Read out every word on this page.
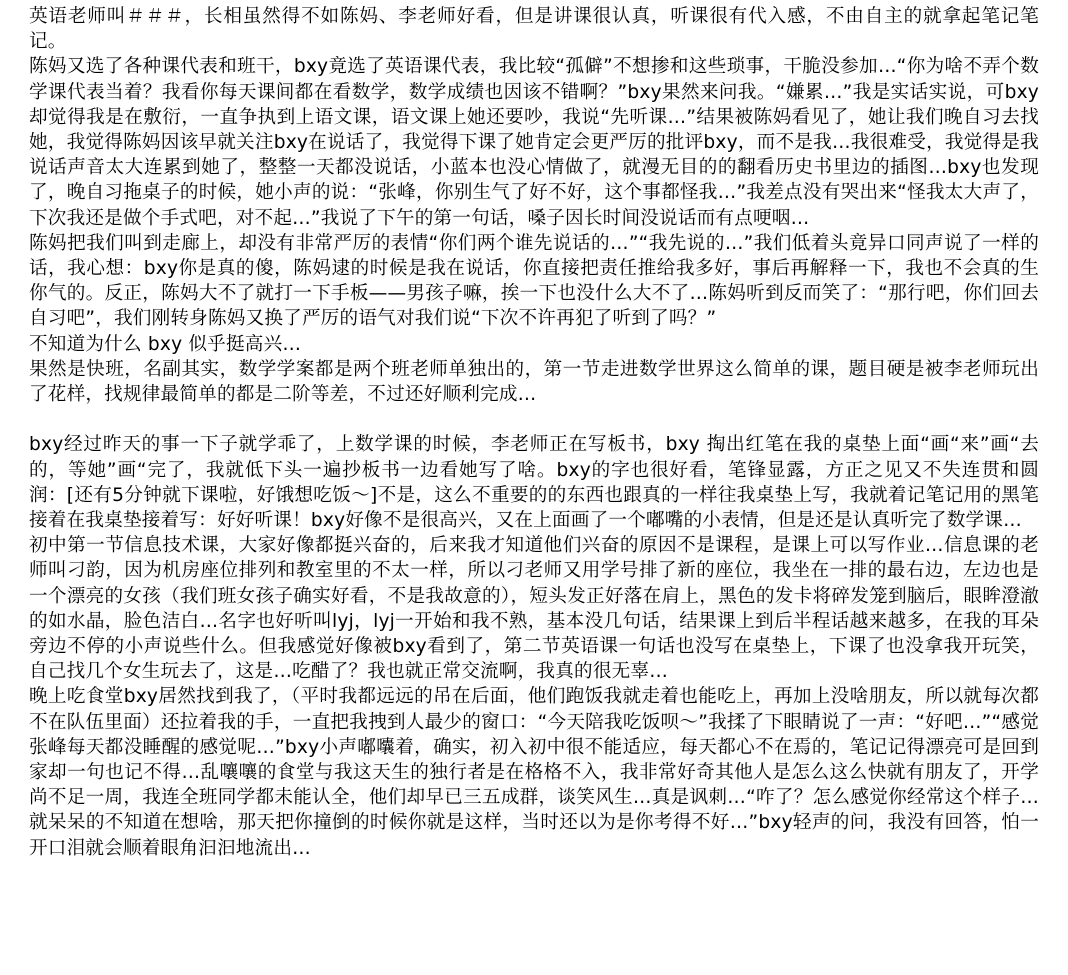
英语老师叫＃＃＃，长相虽然得不如陈妈、李老师好看，但是讲课很认真，听课很有代入感，不由自主的就拿起笔记笔记。

陈妈又选了各种课代表和班干，bxy竟选了英语课代表，我比较“孤僻”不想掺和这些琐事，干脆没参加…“你为啥不弄个数学课代表当着？我看你每天课间都在看数学，数学成绩也因该不错啊？”bxy果然来问我。“嫌累…”我是实话实说，可bxy却觉得我是在敷衍，一直争执到上语文课，语文课上她还要吵，我说“先听课…”结果被陈妈看见了，她让我们晚自习去找她，我觉得陈妈因该早就关注bxy在说话了，我觉得下课了她肯定会更严厉的批评bxy，而不是我…我很难受，我觉得是我说话声音太大连累到她了，整整一天都没说话，小蓝本也没心情做了，就漫无目的的翻看历史书里边的插图…bxy也发现了，晚自习拖桌子的时候，她小声的说：“张峰，你别生气了好不好，这个事都怪我…”我差点没有哭出来“怪我太大声了，下次我还是做个手式吧，对不起…”我说了下午的第一句话，嗓子因长时间没说话而有点哽咽…

陈妈把我们叫到走廊上，却没有非常严厉的表情“你们两个谁先说话的…”“我先说的…”我们低着头竟异口同声说了一样的话，我心想：bxy你是真的傻，陈妈逮的时候是我在说话，你直接把责任推给我多好，事后再解释一下，我也不会真的生你气的。反正，陈妈大不了就打一下手板——男孩子嘛，挨一下也没什么大不了…陈妈听到反而笑了：“那行吧，你们回去自习吧”，我们刚转身陈妈又换了严厉的语气对我们说“下次不许再犯了听到了吗？”

不知道为什么 bxy 似乎挺高兴…

果然是快班，名副其实，数学学案都是两个班老师单独出的，第一节走进数学世界这么简单的课，题目硬是被李老师玩出了花样，找规律最简单的都是二阶等差，不过还好顺利完成…

bxy经过昨天的事一下子就学乖了，上数学课的时候，李老师正在写板书，bxy 掏出红笔在我的桌垫上面“画“来”画“去的，等她”画“完了，我就低下头一遍抄板书一边看她写了啥。bxy的字也很好看，笔锋显露，方正之见又不失连贯和圆润：[还有5分钟就下课啦，好饿想吃饭～]不是，这么不重要的的东西也跟真的一样往我桌垫上写，我就着记笔记用的黑笔接着在我桌垫接着写：好好听课！bxy好像不是很高兴，又在上面画了一个嘟嘴的小表情，但是还是认真听完了数学课…

初中第一节信息技术课，大家好像都挺兴奋的，后来我才知道他们兴奋的原因不是课程，是课上可以写作业…信息课的老师叫刁韵，因为机房座位排列和教室里的不太一样，所以刁老师又用学号排了新的座位，我坐在一排的最右边，左边也是一个漂亮的女孩（我们班女孩子确实好看，不是我故意的），短头发正好落在肩上，黑色的发卡将碎发笼到脑后，眼眸澄澈的如水晶，脸色洁白…名字也好听叫lyj，lyj一开始和我不熟，基本没几句话，结果课上到后半程话越来越多，在我的耳朵旁边不停的小声说些什么。但我感觉好像被bxy看到了，第二节英语课一句话也没写在桌垫上，下课了也没拿我开玩笑，自己找几个女生玩去了，这是…吃醋了？我也就正常交流啊，我真的很无辜…

晚上吃食堂bxy居然找到我了，（平时我都远远的吊在后面，他们跑饭我就走着也能吃上，再加上没啥朋友，所以就每次都不在队伍里面）还拉着我的手，一直把我拽到人最少的窗口：“今天陪我吃饭呗～”我揉了下眼睛说了一声：“好吧…”“感觉张峰每天都没睡醒的感觉呢…”bxy小声嘟囔着，确实，初入初中很不能适应，每天都心不在焉的，笔记记得漂亮可是回到家却一句也记不得…乱嚷嚷的食堂与我这天生的独行者是在格格不入，我非常好奇其他人是怎么这么快就有朋友了，开学尚不足一周，我连全班同学都未能认全，他们却早已三五成群，谈笑风生…真是讽刺…“咋了？怎么感觉你经常这个样子…就呆呆的不知道在想啥，那天把你撞倒的时候你就是这样，当时还以为是你考得不好…”bxy轻声的问，我没有回答，怕一开口泪就会顺着眼角汩汩地流出…
